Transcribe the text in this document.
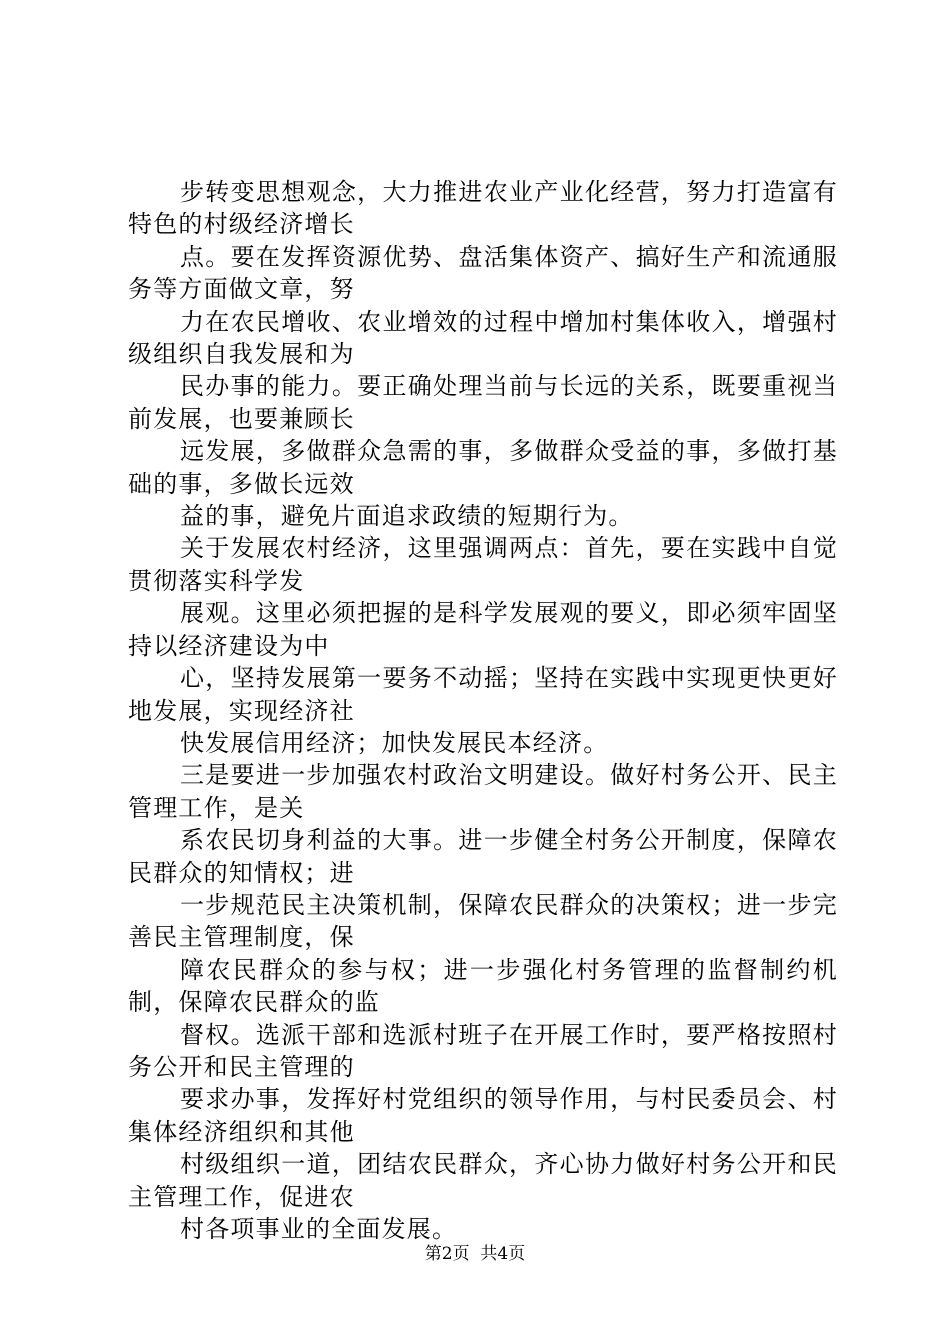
步转变思想观念，大力推进农业产业化经营，努力打造富有特色的村级经济增长

点。要在发挥资源优势、盘活集体资产、搞好生产和流通服务等方面做文章，努

力在农民增收、农业增效的过程中增加村集体收入，增强村级组织自我发展和为

民办事的能力。要正确处理当前与长远的关系，既要重视当前发展，也要兼顾长

远发展，多做群众急需的事，多做群众受益的事，多做打基础的事，多做长远效

益的事，避免片面追求政绩的短期行为。

关于发展农村经济，这里强调两点：首先，要在实践中自觉贯彻落实科学发

展观。这里必须把握的是科学发展观的要义，即必须牢固坚持以经济建设为中

心，坚持发展第一要务不动摇；坚持在实践中实现更快更好地发展，实现经济社

快发展信用经济；加快发展民本经济。

三是要进一步加强农村政治文明建设。做好村务公开、民主管理工作，是关

系农民切身利益的大事。进一步健全村务公开制度，保障农民群众的知情权；进

一步规范民主决策机制，保障农民群众的决策权；进一步完善民主管理制度，保

障农民群众的参与权；进一步强化村务管理的监督制约机制，保障农民群众的监

督权。选派干部和选派村班子在开展工作时，要严格按照村务公开和民主管理的

要求办事，发挥好村党组织的领导作用，与村民委员会、村集体经济组织和其他

村级组织一道，团结农民群众，齐心协力做好村务公开和民主管理工作，促进农

村各项事业的全面发展。

第2页  共4页
